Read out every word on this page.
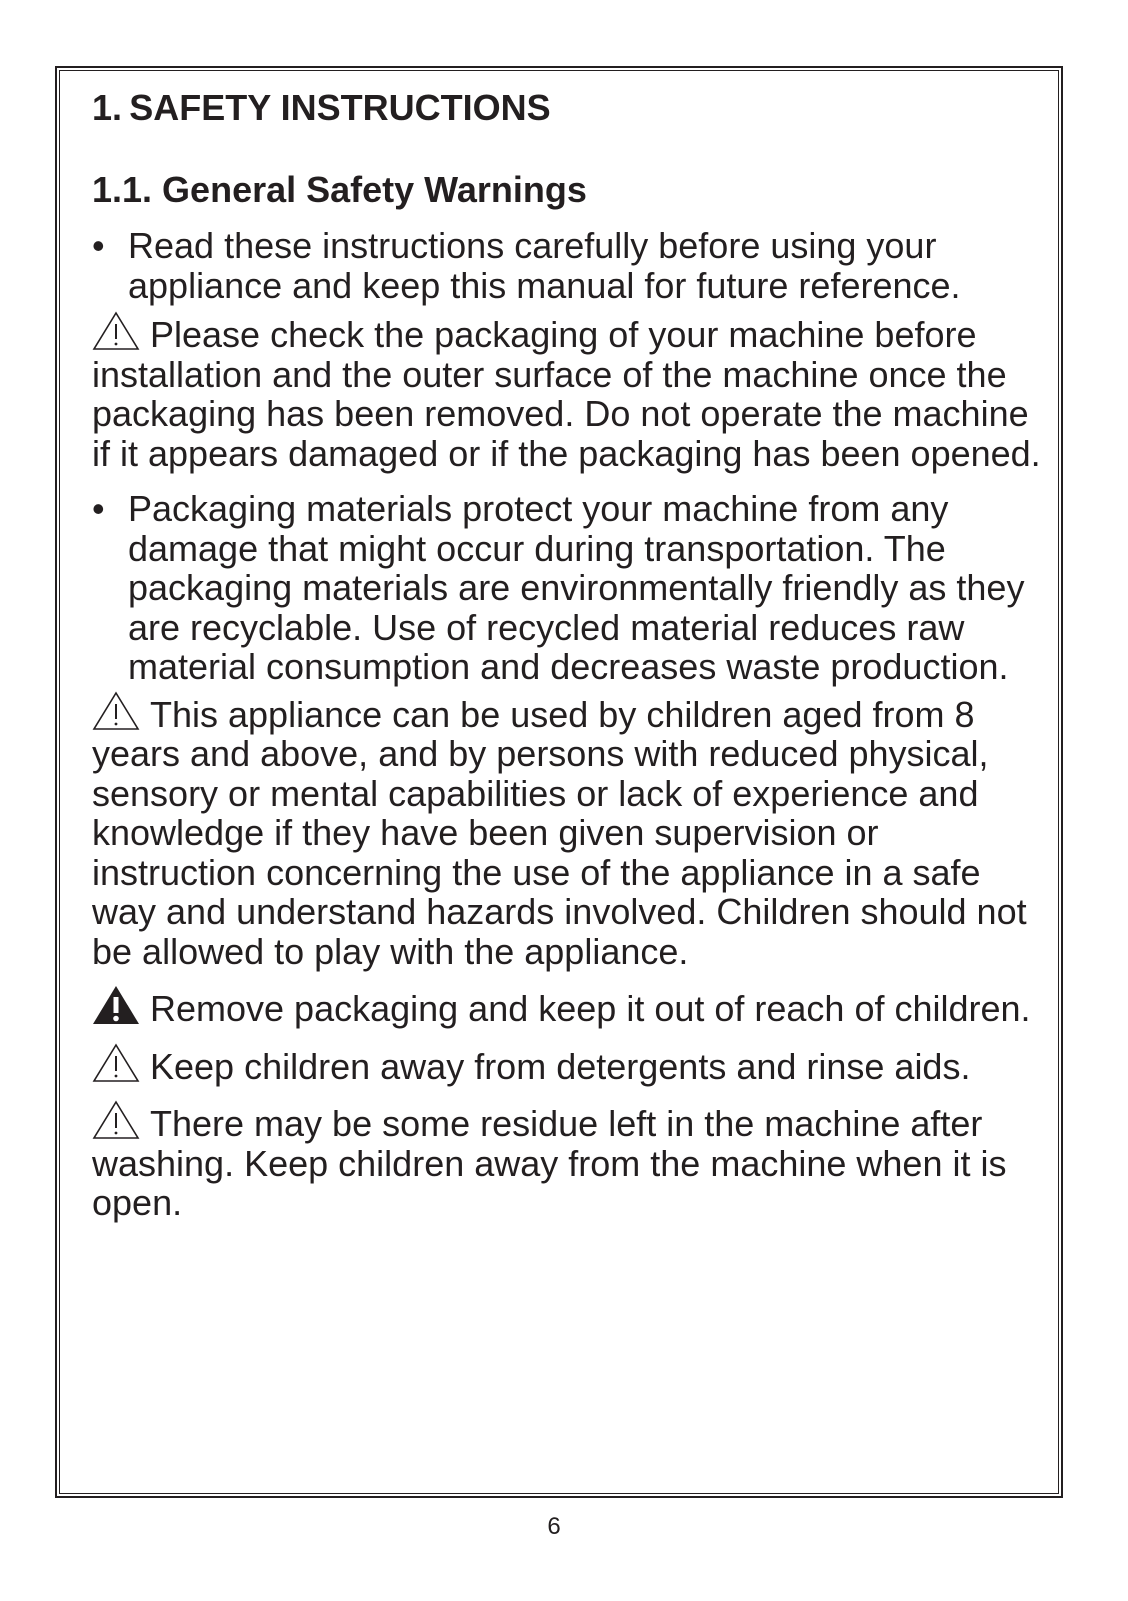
1. SAFETY INSTRUCTIONS
1.1. General Safety Warnings

• Read these instructions carefully before using your appliance and keep this manual for future reference.

Please check the packaging of your machine before installation and the outer surface of the machine once the packaging has been removed. Do not operate the machine if it appears damaged or if the packaging has been opened.

• Packaging materials protect your machine from any damage that might occur during transportation. The packaging materials are environmentally friendly as they are recyclable. Use of recycled material reduces raw material consumption and decreases waste production.

This appliance can be used by children aged from 8 years and above, and by persons with reduced physical, sensory or mental capabilities or lack of experience and knowledge if they have been given supervision or instruction concerning the use of the appliance in a safe way and understand hazards involved. Children should not be allowed to play with the appliance.

Remove packaging and keep it out of reach of children.

Keep children away from detergents and rinse aids.

There may be some residue left in the machine after washing. Keep children away from the machine when it is open.

6
